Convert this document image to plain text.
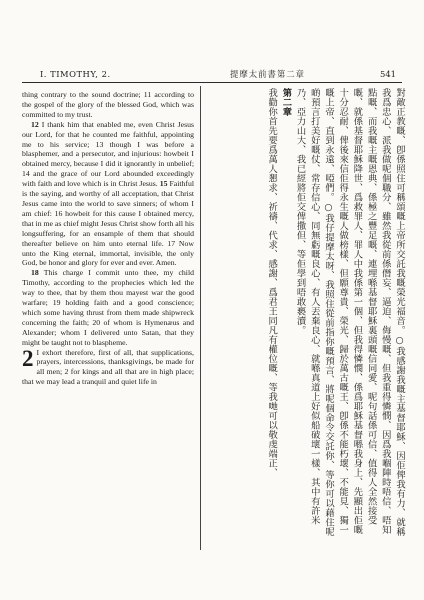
I. TIMOTHY, 2.	提摩太前書第二章	541

thing contrary to the sound doctrine; 11 according to the gospel of the glory of the blessed God, which was committed to my trust.

12 I thank him that enabled me, even Christ Jesus our Lord, for that he counted me faithful, appointing me to his service; 13 though I was before a blasphemer, and a persecutor, and injurious: howbeit I obtained mercy, because I did it ignorantly in unbelief; 14 and the grace of our Lord abounded exceedingly with faith and love which is in Christ Jesus. 15 Faithful is the saying, and worthy of all acceptation, that Christ Jesus came into the world to save sinners; of whom I am chief: 16 howbeit for this cause I obtained mercy, that in me as chief might Jesus Christ show forth all his longsuffering, for an ensample of them that should thereafter believe on him unto eternal life. 17 Now unto the King eternal, immortal, invisible, the only God, be honor and glory for ever and ever. Amen.

18 This charge I commit unto thee, my child Timothy, according to the prophecies which led the way to thee, that by them thou mayest war the good warfare; 19 holding faith and a good conscience; which some having thrust from them made shipwreck concerning the faith; 20 of whom is Hymenæus and Alexander; whom I delivered unto Satan, that they might be taught not to blaspheme.

2 I exhort therefore, first of all, that supplications, prayers, intercessions, thanksgivings, be made for all men; 2 for kings and all that are in high place; that we may lead a tranquil and quiet life in	對敵正教嘅、卽係照住可稱頌嘅上帝所交託我嘅榮光福音。○我感謝我嘅主基督耶穌、因佢俾我有力、就稱我爲忠心、派我做呢個職分、雖然我從前係僭妄、逼迫、侮慢嘅、但我重得憐憫、因爲我嗰陣時唔信、唔知點嘅、而我嘅主嘅恩典、係極之豐足嘅、連埋喺基督耶穌裏頭嘅信同愛、呢句話係可信、值得人全然接受嘅、就係基督耶穌降世、爲救罪人、罪人中我係第一個、但我得憐憫、係爲耶穌基督喺我身上、先顯出佢嘅十分忍耐、俾後來信佢得永生嘅人做榜樣、但願尊貴、榮光、歸於萬古嘅王、卽係不能朽壞、不能見、獨一嘅上帝、直到永遠、啞們。○我仔提摩太呀、我照住從前指你嘅預言、將呢個命令交託你、等你可以藉住呢啲預言打美好嘅仗、常存信心、同無虧嘅良心、有人丟棄良心、就喺真道上好似船破壞一樣、其中有許米乃、亞力山大、我已經將佢交俾撒但、等佢學到唔敢褻瀆。

第二章

我勸你首先要爲萬人懇求、祈禱、代求、感謝、爲君王同凡有權位嘅、等我哋可以敬虔端正、
